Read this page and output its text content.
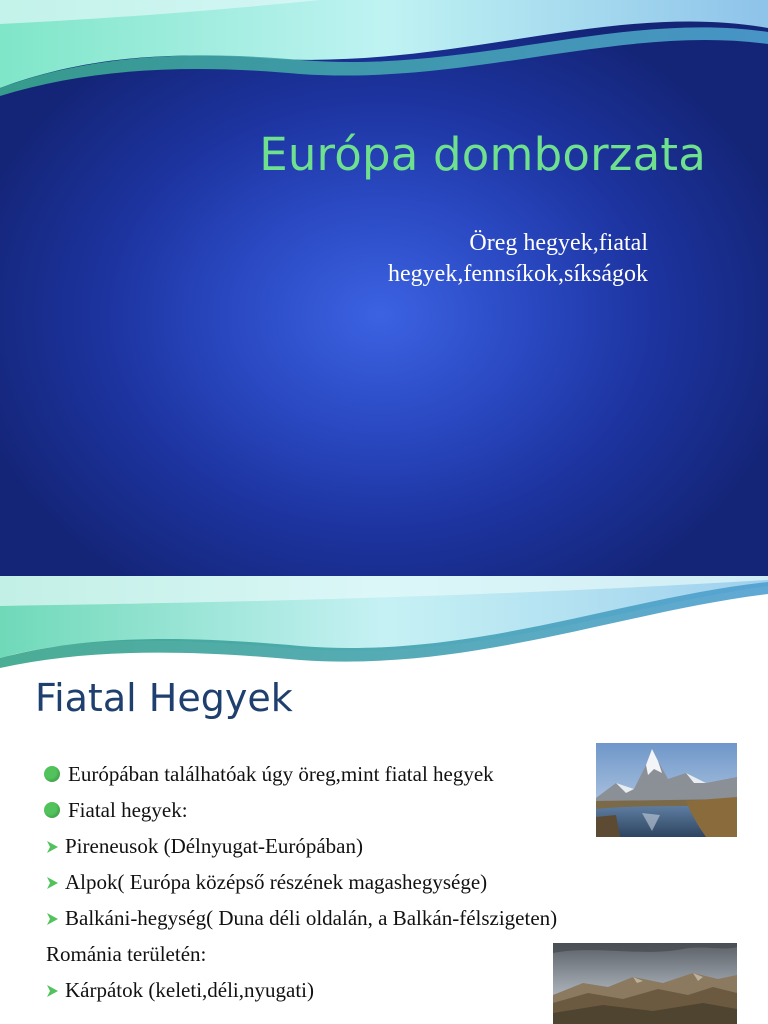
Európa domborzata
Öreg hegyek,fiatal
hegyek,fennsíkok,síkságok
Fiatal Hegyek
Európában találhatóak úgy öreg,mint fiatal hegyek
Fiatal hegyek:
Pireneusok (Délnyugat-Európában)
Alpok( Európa középső részének magashegysége)
Balkáni-hegység( Duna déli oldalán, a Balkán-félszigeten)
Románia területén:
Kárpátok (keleti,déli,nyugati)
